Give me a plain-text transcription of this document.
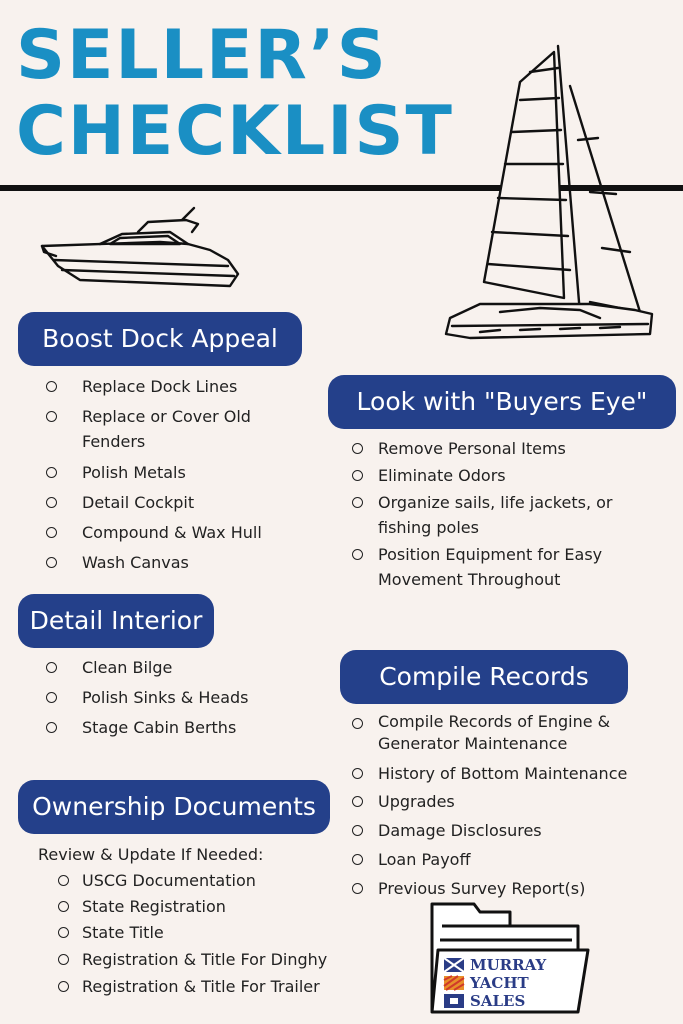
SELLER’S
CHECKLIST
Boost Dock Appeal
Replace Dock Lines
Replace or Cover Old Fenders
Polish Metals
Detail Cockpit
Compound & Wax Hull
Wash Canvas
Look with "Buyers Eye"
Remove Personal Items
Eliminate Odors
Organize sails, life jackets, or fishing poles
Position Equipment for Easy Movement Throughout
Detail Interior
Clean Bilge
Polish Sinks & Heads
Stage Cabin Berths
Compile Records
Compile Records of Engine & Generator Maintenance
History of Bottom Maintenance
Upgrades
Damage Disclosures
Loan Payoff
Previous Survey Report(s)
Ownership Documents
Review & Update If Needed:
USCG Documentation
State Registration
State Title
Registration & Title For Dinghy
Registration & Title For Trailer
MURRAY
YACHT
SALES
